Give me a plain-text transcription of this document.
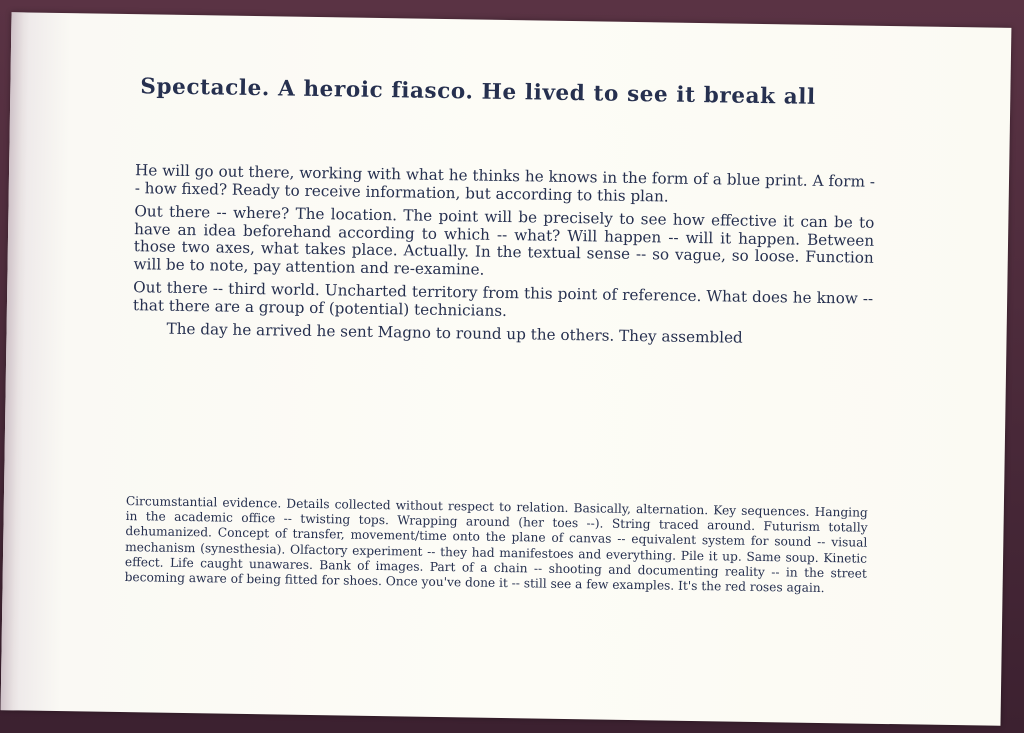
Spectacle. A heroic fiasco. He lived to see it break all

He will go out there, working with what he thinks he knows in the form of a blue print. A form -- how fixed? Ready to receive information, but according to this plan.

Out there -- where? The location. The point will be precisely to see how effective it can be to have an idea beforehand according to which -- what? Will happen -- will it happen. Between those two axes, what takes place. Actually. In the textual sense -- so vague, so loose. Function will be to note, pay attention and re-examine.

Out there -- third world. Uncharted territory from this point of reference. What does he know -- that there are a group of (potential) technicians.

The day he arrived he sent Magno to round up the others. They assembled

Circumstantial evidence. Details collected without respect to relation. Basically, alternation. Key sequences. Hanging in the academic office -- twisting tops. Wrapping around (her toes --). String traced around. Futurism totally dehumanized. Concept of transfer, movement/time onto the plane of canvas -- equivalent system for sound -- visual mechanism (synesthesia). Olfactory experiment -- they had manifestoes and everything. Pile it up. Same soup. Kinetic effect. Life caught unawares. Bank of images. Part of a chain -- shooting and documenting reality -- in the street becoming aware of being fitted for shoes. Once you've done it -- still see a few examples. It's the red roses again.
